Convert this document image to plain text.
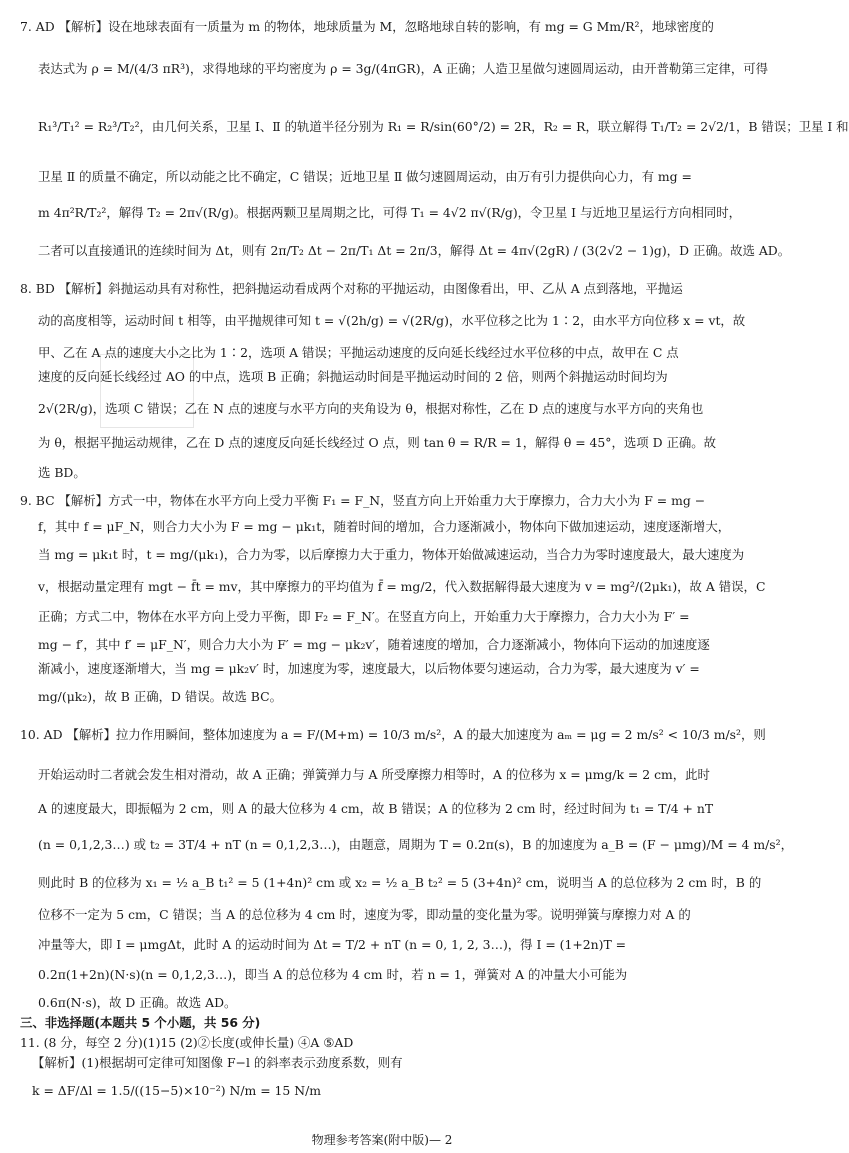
7. AD 【解析】设在地球表面有一质量为 m 的物体，地球质量为 M，忽略地球自转的影响，有 mg = G Mm/R²，地球密度的
表达式为 ρ = M/(4/3 πR³)，求得地球的平均密度为 ρ = 3g/(4πGR)，A 正确；人造卫星做匀速圆周运动，由开普勒第三定律，可得
R₁³/T₁² = R₂³/T₂²，由几何关系，卫星 Ⅰ、Ⅱ 的轨道半径分别为 R₁ = R/sin(60°/2) = 2R，R₂ = R，联立解得 T₁/T₂ = 2√2/1，B 错误；卫星 Ⅰ 和
卫星 Ⅱ 的质量不确定，所以动能之比不确定，C 错误；近地卫星 Ⅱ 做匀速圆周运动，由万有引力提供向心力，有 mg =
m 4π²R/T₂²，解得 T₂ = 2π√(R/g)。根据两颗卫星周期之比，可得 T₁ = 4√2 π√(R/g)，令卫星 Ⅰ 与近地卫星运行方向相同时，
二者可以直接通讯的连续时间为 Δt，则有 2π/T₂ Δt − 2π/T₁ Δt = 2π/3，解得 Δt = 4π√(2gR) / (3(2√2 − 1)g)，D 正确。故选 AD。
8. BD 【解析】斜抛运动具有对称性，把斜抛运动看成两个对称的平抛运动，由图像看出，甲、乙从 A 点到落地，平抛运
动的高度相等，运动时间 t 相等，由平抛规律可知 t = √(2h/g) = √(2R/g)，水平位移之比为 1∶2，由水平方向位移 x = vt，故
甲、乙在 A 点的速度大小之比为 1∶2，选项 A 错误；平抛运动速度的反向延长线经过水平位移的中点，故甲在 C 点
速度的反向延长线经过 AO 的中点，选项 B 正确；斜抛运动时间是平抛运动时间的 2 倍，则两个斜抛运动时间均为
2√(2R/g)，选项 C 错误；乙在 N 点的速度与水平方向的夹角设为 θ，根据对称性，乙在 D 点的速度与水平方向的夹角也
为 θ，根据平抛运动规律，乙在 D 点的速度反向延长线经过 O 点，则 tan θ = R/R = 1，解得 θ = 45°，选项 D 正确。故
选 BD。
9. BC 【解析】方式一中，物体在水平方向上受力平衡 F₁ = F_N，竖直方向上开始重力大于摩擦力，合力大小为 F = mg −
f，其中 f = μF_N，则合力大小为 F = mg − μk₁t，随着时间的增加，合力逐渐减小，物体向下做加速运动，速度逐渐增大，
当 mg = μk₁t 时，t = mg/(μk₁)，合力为零，以后摩擦力大于重力，物体开始做减速运动，当合力为零时速度最大，最大速度为
v，根据动量定理有 mgt − f̄t = mv，其中摩擦力的平均值为 f̄ = mg/2，代入数据解得最大速度为 v = mg²/(2μk₁)，故 A 错误，C
正确；方式二中，物体在水平方向上受力平衡，即 F₂ = F_N′。在竖直方向上，开始重力大于摩擦力，合力大小为 F′ =
mg − f′，其中 f′ = μF_N′，则合力大小为 F′ = mg − μk₂v′，随着速度的增加，合力逐渐减小，物体向下运动的加速度逐
渐减小，速度逐渐增大，当 mg = μk₂v′ 时，加速度为零，速度最大，以后物体要匀速运动，合力为零，最大速度为 v′ =
mg/(μk₂)，故 B 正确，D 错误。故选 BC。
10. AD 【解析】拉力作用瞬间，整体加速度为 a = F/(M+m) = 10/3 m/s²，A 的最大加速度为 aₘ = μg = 2 m/s² < 10/3 m/s²，则
开始运动时二者就会发生相对滑动，故 A 正确；弹簧弹力与 A 所受摩擦力相等时，A 的位移为 x = μmg/k = 2 cm，此时
A 的速度最大，即振幅为 2 cm，则 A 的最大位移为 4 cm，故 B 错误；A 的位移为 2 cm 时，经过时间为 t₁ = T/4 + nT
(n = 0,1,2,3…) 或 t₂ = 3T/4 + nT (n = 0,1,2,3…)，由题意，周期为 T = 0.2π(s)，B 的加速度为 a_B = (F − μmg)/M = 4 m/s²，
则此时 B 的位移为 x₁ = ½ a_B t₁² = 5 (1+4n)² cm 或 x₂ = ½ a_B t₂² = 5 (3+4n)² cm，说明当 A 的总位移为 2 cm 时，B 的
位移不一定为 5 cm，C 错误；当 A 的总位移为 4 cm 时，速度为零，即动量的变化量为零。说明弹簧与摩擦力对 A 的
冲量等大，即 I = μmgΔt，此时 A 的运动时间为 Δt = T/2 + nT (n = 0, 1, 2, 3…)，得 I = (1+2n)T =
0.2π(1+2n)(N·s)(n = 0,1,2,3…)，即当 A 的总位移为 4 cm 时，若 n = 1，弹簧对 A 的冲量大小可能为
0.6π(N·s)，故 D 正确。故选 AD。
三、非选择题(本题共 5 个小题，共 56 分)
11. (8 分，每空 2 分)(1)15 (2)②长度(或伸长量) ④A ⑤AD
【解析】(1)根据胡可定律可知图像 F−l 的斜率表示劲度系数，则有
k = ΔF/Δl = 1.5/((15−5)×10⁻²) N/m = 15 N/m
物理参考答案(附中版)— 2
